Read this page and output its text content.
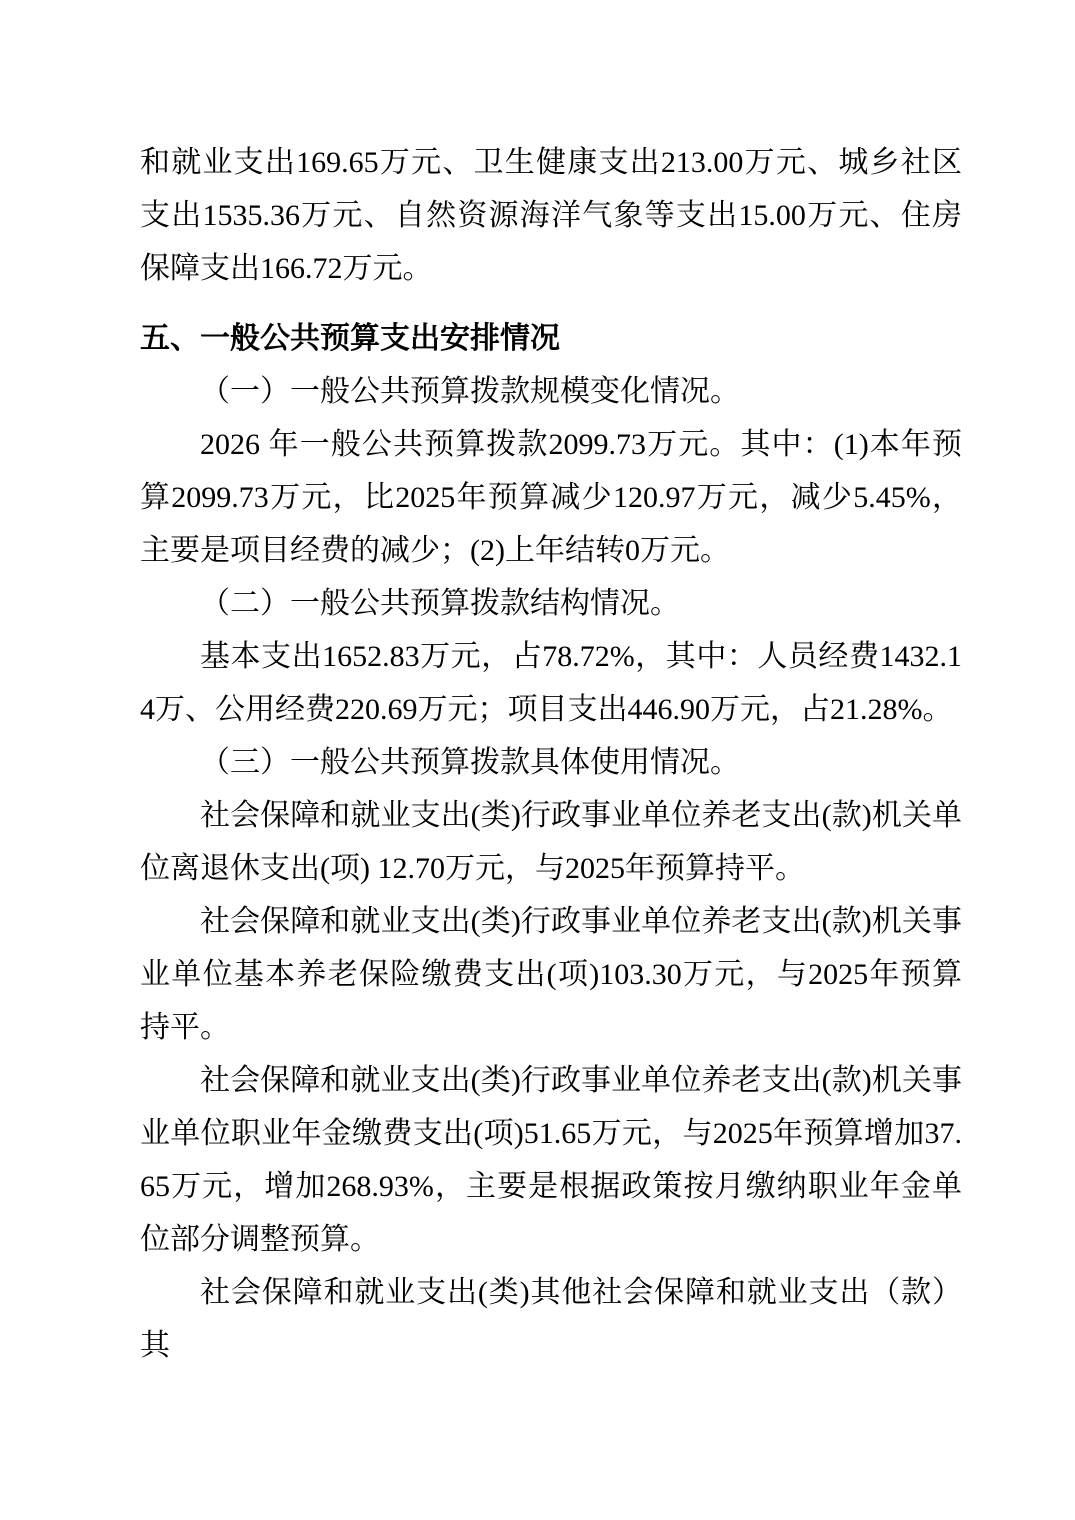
和就业支出169.65万元、卫生健康支出213.00万元、城乡社区支出1535.36万元、自然资源海洋气象等支出15.00万元、住房保障支出166.72万元。

五、一般公共预算支出安排情况

（一）一般公共预算拨款规模变化情况。

2026 年一般公共预算拨款2099.73万元。其中：(1)本年预算2099.73万元，比2025年预算减少120.97万元，减少5.45%，主要是项目经费的减少；(2)上年结转0万元。

（二）一般公共预算拨款结构情况。

基本支出1652.83万元，占78.72%，其中：人员经费1432.14万、公用经费220.69万元；项目支出446.90万元，占21.28%。

（三）一般公共预算拨款具体使用情况。

社会保障和就业支出(类)行政事业单位养老支出(款)机关单位离退休支出(项) 12.70万元，与2025年预算持平。

社会保障和就业支出(类)行政事业单位养老支出(款)机关事业单位基本养老保险缴费支出(项)103.30万元，与2025年预算持平。

社会保障和就业支出(类)行政事业单位养老支出(款)机关事业单位职业年金缴费支出(项)51.65万元，与2025年预算增加37.65万元，增加268.93%，主要是根据政策按月缴纳职业年金单位部分调整预算。

社会保障和就业支出(类)其他社会保障和就业支出（款）其
